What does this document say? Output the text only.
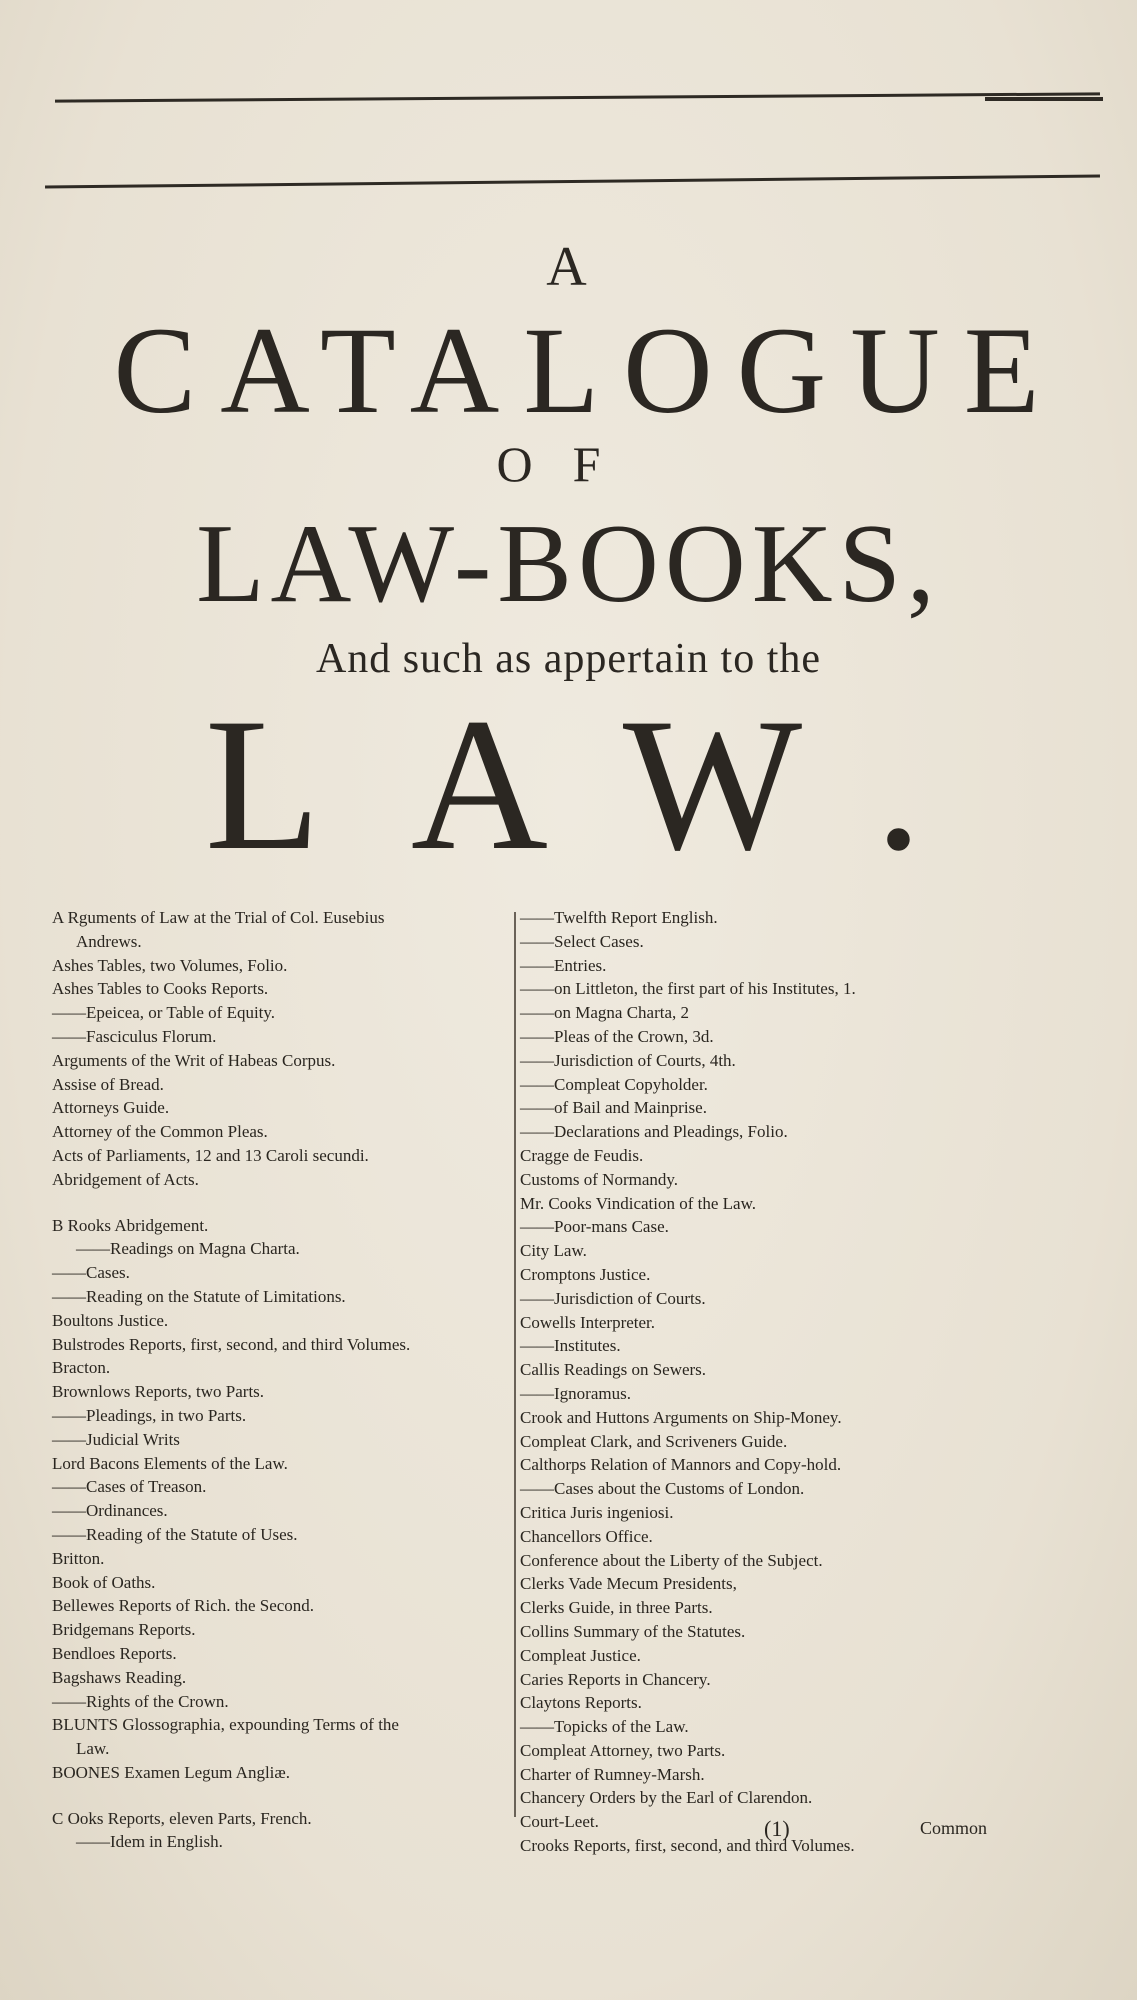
A
CATALOGUE
OF
LAW-BOOKS,
And such as appertain to the
LAW.
A Rguments of Law at the Trial of Col. Eusebius
Andrews.
Ashes Tables, two Volumes, Folio.
Ashes Tables to Cooks Reports.
——Epeicea, or Table of Equity.
——Fasciculus Florum.
Arguments of the Writ of Habeas Corpus.
Assise of Bread.
Attorneys Guide.
Attorney of the Common Pleas.
Acts of Parliaments, 12 and 13 Caroli secundi.
Abridgement of Acts.
B Rooks Abridgement.
——Readings on Magna Charta.
——Cases.
——Reading on the Statute of Limitations.
Boultons Justice.
Bulstrodes Reports, first, second, and third Volumes.
Bracton.
Brownlows Reports, two Parts.
——Pleadings, in two Parts.
——Judicial Writs
Lord Bacons Elements of the Law.
——Cases of Treason.
——Ordinances.
——Reading of the Statute of Uses.
Britton.
Book of Oaths.
Bellewes Reports of Rich. the Second.
Bridgemans Reports.
Bendloes Reports.
Bagshaws Reading.
——Rights of the Crown.
BLUNTS Glossographia, expounding Terms of the
Law.
BOONES Examen Legum Angliæ.
C Ooks Reports, eleven Parts, French.
——Idem in English.
——Twelfth Report English.
——Select Cases.
——Entries.
——on Littleton, the first part of his Institutes, 1.
——on Magna Charta, 2
——Pleas of the Crown, 3d.
——Jurisdiction of Courts, 4th.
——Compleat Copyholder.
——of Bail and Mainprise.
——Declarations and Pleadings, Folio.
Cragge de Feudis.
Customs of Normandy.
Mr. Cooks Vindication of the Law.
——Poor-mans Case.
City Law.
Cromptons Justice.
——Jurisdiction of Courts.
Cowells Interpreter.
——Institutes.
Callis Readings on Sewers.
——Ignoramus.
Crook and Huttons Arguments on Ship-Money.
Compleat Clark, and Scriveners Guide.
Calthorps Relation of Mannors and Copy-hold.
——Cases about the Customs of London.
Critica Juris ingeniosi.
Chancellors Office.
Conference about the Liberty of the Subject.
Clerks Vade Mecum Presidents,
Clerks Guide, in three Parts.
Collins Summary of the Statutes.
Compleat Justice.
Caries Reports in Chancery.
Claytons Reports.
——Topicks of the Law.
Compleat Attorney, two Parts.
Charter of Rumney-Marsh.
Chancery Orders by the Earl of Clarendon.
Court-Leet.
Crooks Reports, first, second, and third Volumes.
(1)	Common
